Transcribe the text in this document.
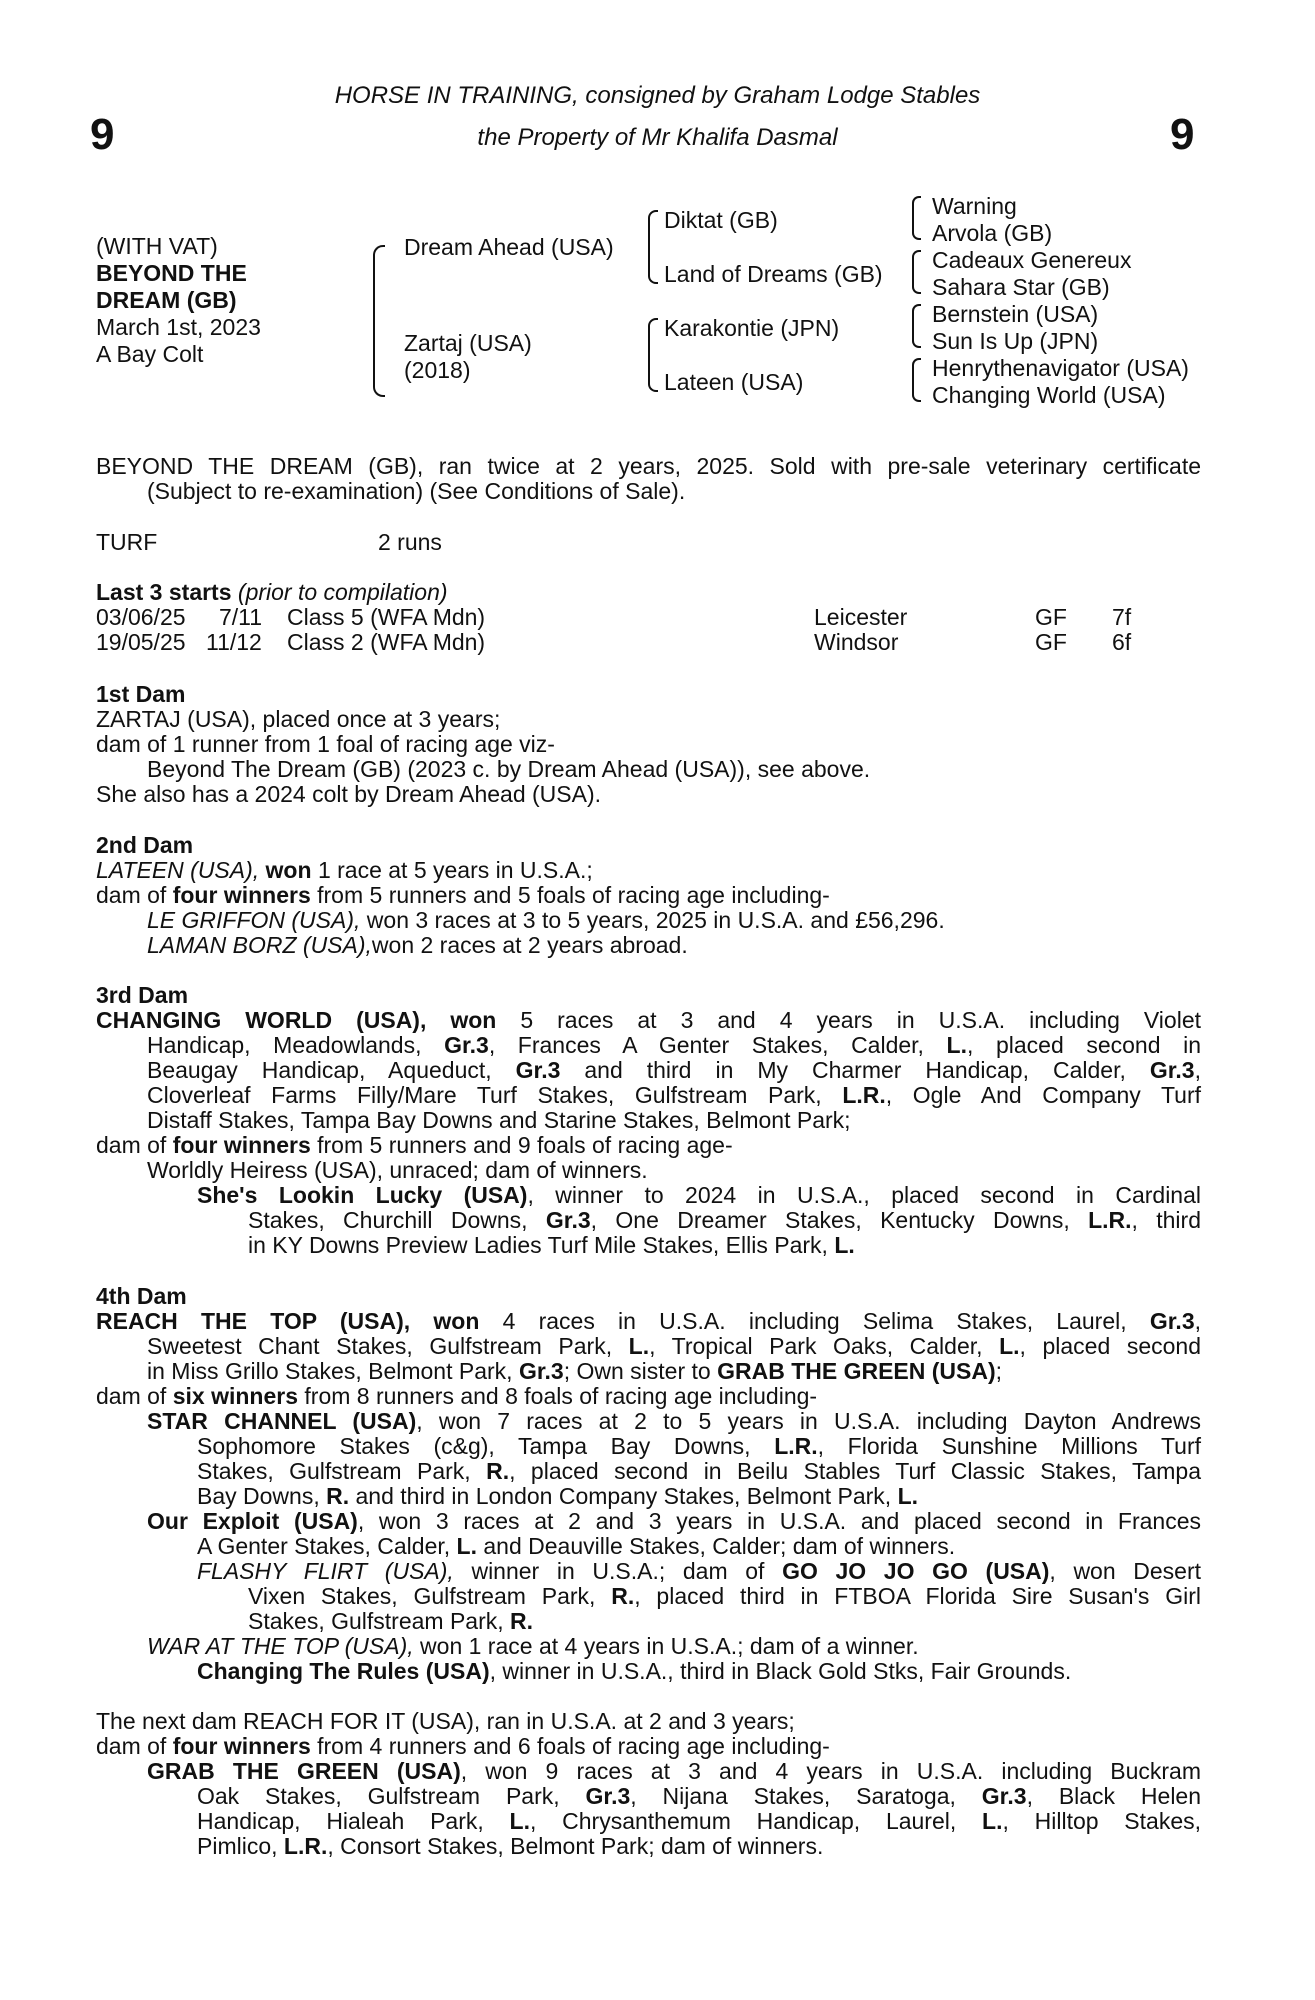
9	9
HORSE IN TRAINING, consigned by Graham Lodge Stables
the Property of Mr Khalifa Dasmal
(WITH VAT)
BEYOND THE
DREAM (GB)
March 1st, 2023
A Bay Colt
Dream Ahead (USA)
Zartaj (USA)
(2018)
Diktat (GB)
Land of Dreams (GB)
Karakontie (JPN)
Lateen (USA)
Warning
Arvola (GB)
Cadeaux Genereux
Sahara Star (GB)
Bernstein (USA)
Sun Is Up (JPN)
Henrythenavigator (USA)
Changing World (USA)
BEYOND THE DREAM (GB), ran twice at 2 years, 2025. Sold with pre-sale veterinary certificate
(Subject to re-examination) (See Conditions of Sale).
TURF	2 runs
Last 3 starts (prior to compilation)
03/06/25 7/11 Class 5 (WFA Mdn)	Leicester	GF 7f
19/05/25 11/12 Class 2 (WFA Mdn)	Windsor	GF 6f
1st Dam
ZARTAJ (USA), placed once at 3 years;
dam of 1 runner from 1 foal of racing age viz-
Beyond The Dream (GB) (2023 c. by Dream Ahead (USA)), see above.
She also has a 2024 colt by Dream Ahead (USA).
2nd Dam
LATEEN (USA), won 1 race at 5 years in U.S.A.;
dam of four winners from 5 runners and 5 foals of racing age including-
LE GRIFFON (USA), won 3 races at 3 to 5 years, 2025 in U.S.A. and £56,296.
LAMAN BORZ (USA),won 2 races at 2 years abroad.
3rd Dam
CHANGING WORLD (USA), won 5 races at 3 and 4 years in U.S.A. including Violet
Handicap, Meadowlands, Gr.3, Frances A Genter Stakes, Calder, L., placed second in
Beaugay Handicap, Aqueduct, Gr.3 and third in My Charmer Handicap, Calder, Gr.3,
Cloverleaf Farms Filly/Mare Turf Stakes, Gulfstream Park, L.R., Ogle And Company Turf
Distaff Stakes, Tampa Bay Downs and Starine Stakes, Belmont Park;
dam of four winners from 5 runners and 9 foals of racing age-
Worldly Heiress (USA), unraced; dam of winners.
She's Lookin Lucky (USA), winner to 2024 in U.S.A., placed second in Cardinal
Stakes, Churchill Downs, Gr.3, One Dreamer Stakes, Kentucky Downs, L.R., third
in KY Downs Preview Ladies Turf Mile Stakes, Ellis Park, L.
4th Dam
REACH THE TOP (USA), won 4 races in U.S.A. including Selima Stakes, Laurel, Gr.3,
Sweetest Chant Stakes, Gulfstream Park, L., Tropical Park Oaks, Calder, L., placed second
in Miss Grillo Stakes, Belmont Park, Gr.3; Own sister to GRAB THE GREEN (USA);
dam of six winners from 8 runners and 8 foals of racing age including-
STAR CHANNEL (USA), won 7 races at 2 to 5 years in U.S.A. including Dayton Andrews
Sophomore Stakes (c&g), Tampa Bay Downs, L.R., Florida Sunshine Millions Turf
Stakes, Gulfstream Park, R., placed second in Beilu Stables Turf Classic Stakes, Tampa
Bay Downs, R. and third in London Company Stakes, Belmont Park, L.
Our Exploit (USA), won 3 races at 2 and 3 years in U.S.A. and placed second in Frances
A Genter Stakes, Calder, L. and Deauville Stakes, Calder; dam of winners.
FLASHY FLIRT (USA), winner in U.S.A.; dam of GO JO JO GO (USA), won Desert
Vixen Stakes, Gulfstream Park, R., placed third in FTBOA Florida Sire Susan's Girl
Stakes, Gulfstream Park, R.
WAR AT THE TOP (USA), won 1 race at 4 years in U.S.A.; dam of a winner.
Changing The Rules (USA), winner in U.S.A., third in Black Gold Stks, Fair Grounds.
The next dam REACH FOR IT (USA), ran in U.S.A. at 2 and 3 years;
dam of four winners from 4 runners and 6 foals of racing age including-
GRAB THE GREEN (USA), won 9 races at 3 and 4 years in U.S.A. including Buckram
Oak Stakes, Gulfstream Park, Gr.3, Nijana Stakes, Saratoga, Gr.3, Black Helen
Handicap, Hialeah Park, L., Chrysanthemum Handicap, Laurel, L., Hilltop Stakes,
Pimlico, L.R., Consort Stakes, Belmont Park; dam of winners.
